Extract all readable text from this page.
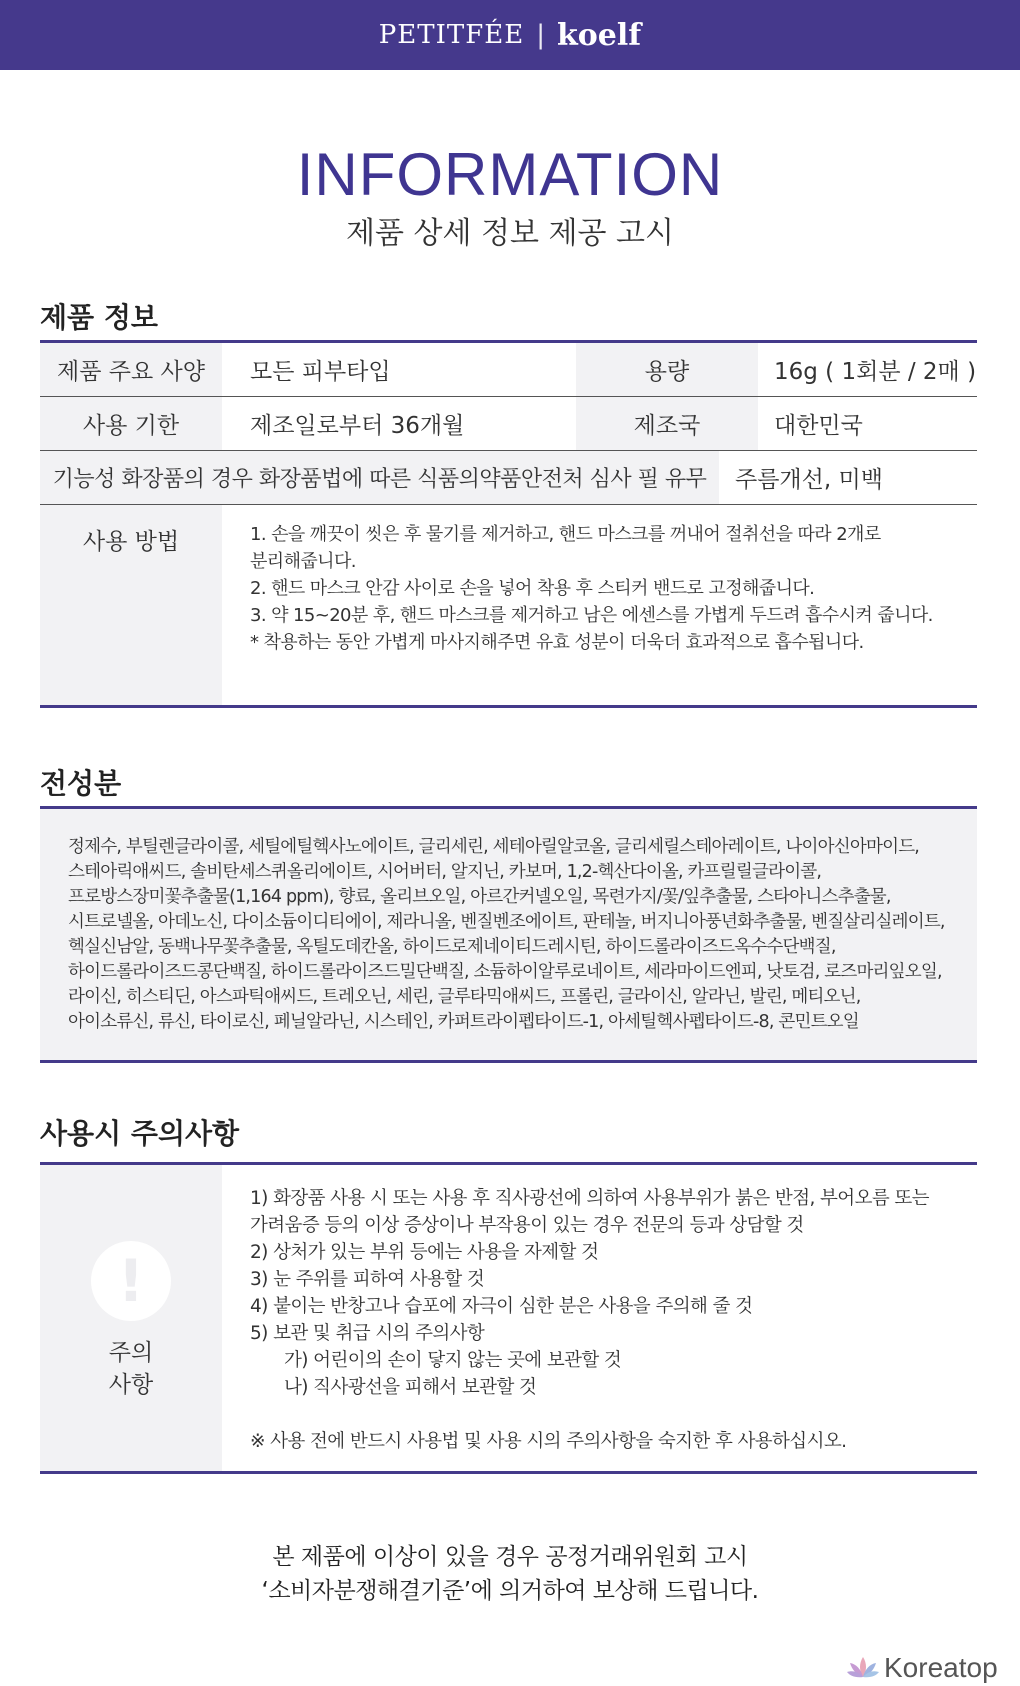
PETITFÉE | koelf
INFORMATION
제품 상세 정보 제공 고시
제품 정보
제품 주요 사양	모든 피부타입	용량	16g ( 1회분 / 2매 )
사용 기한	제조일로부터 36개월	제조국	대한민국
기능성 화장품의 경우 화장품법에 따른 식품의약품안전처 심사 필 유무	주름개선, 미백
사용 방법	1. 손을 깨끗이 씻은 후 물기를 제거하고, 핸드 마스크를 꺼내어 절취선을 따라 2개로
분리해줍니다.
2. 핸드 마스크 안감 사이로 손을 넣어 착용 후 스티커 밴드로 고정해줍니다.
3. 약 15~20분 후, 핸드 마스크를 제거하고 남은 에센스를 가볍게 두드려 흡수시켜 줍니다.
* 착용하는 동안 가볍게 마사지해주면 유효 성분이 더욱더 효과적으로 흡수됩니다.
전성분
정제수, 부틸렌글라이콜, 세틸에틸헥사노에이트, 글리세린, 세테아릴알코올, 글리세릴스테아레이트, 나이아신아마이드,
스테아릭애씨드, 솔비탄세스퀴올리에이트, 시어버터, 알지닌, 카보머, 1,2-헥산다이올, 카프릴릴글라이콜,
프로방스장미꽃추출물(1,164 ppm), 향료, 올리브오일, 아르간커넬오일, 목련가지/꽃/잎추출물, 스타아니스추출물,
시트로넬올, 아데노신, 다이소듐이디티에이, 제라니올, 벤질벤조에이트, 판테놀, 버지니아풍년화추출물, 벤질살리실레이트,
헥실신남알, 동백나무꽃추출물, 옥틸도데칸올, 하이드로제네이티드레시틴, 하이드롤라이즈드옥수수단백질,
하이드롤라이즈드콩단백질, 하이드롤라이즈드밀단백질, 소듐하이알루로네이트, 세라마이드엔피, 낫토검, 로즈마리잎오일,
라이신, 히스티딘, 아스파틱애씨드, 트레오닌, 세린, 글루타믹애씨드, 프롤린, 글라이신, 알라닌, 발린, 메티오닌,
아이소류신, 류신, 타이로신, 페닐알라닌, 시스테인, 카퍼트라이펩타이드-1, 아세틸헥사펩타이드-8, 콘민트오일
사용시 주의사항
!
주의
사항
1) 화장품 사용 시 또는 사용 후 직사광선에 의하여 사용부위가 붉은 반점, 부어오름 또는
가려움증 등의 이상 증상이나 부작용이 있는 경우 전문의 등과 상담할 것
2) 상처가 있는 부위 등에는 사용을 자제할 것
3) 눈 주위를 피하여 사용할 것
4) 붙이는 반창고나 습포에 자극이 심한 분은 사용을 주의해 줄 것
5) 보관 및 취급 시의 주의사항
가) 어린이의 손이 닿지 않는 곳에 보관할 것
나) 직사광선을 피해서 보관할 것
※ 사용 전에 반드시 사용법 및 사용 시의 주의사항을 숙지한 후 사용하십시오.
본 제품에 이상이 있을 경우 공정거래위원회 고시
‘소비자분쟁해결기준’에 의거하여 보상해 드립니다.
Koreatop
